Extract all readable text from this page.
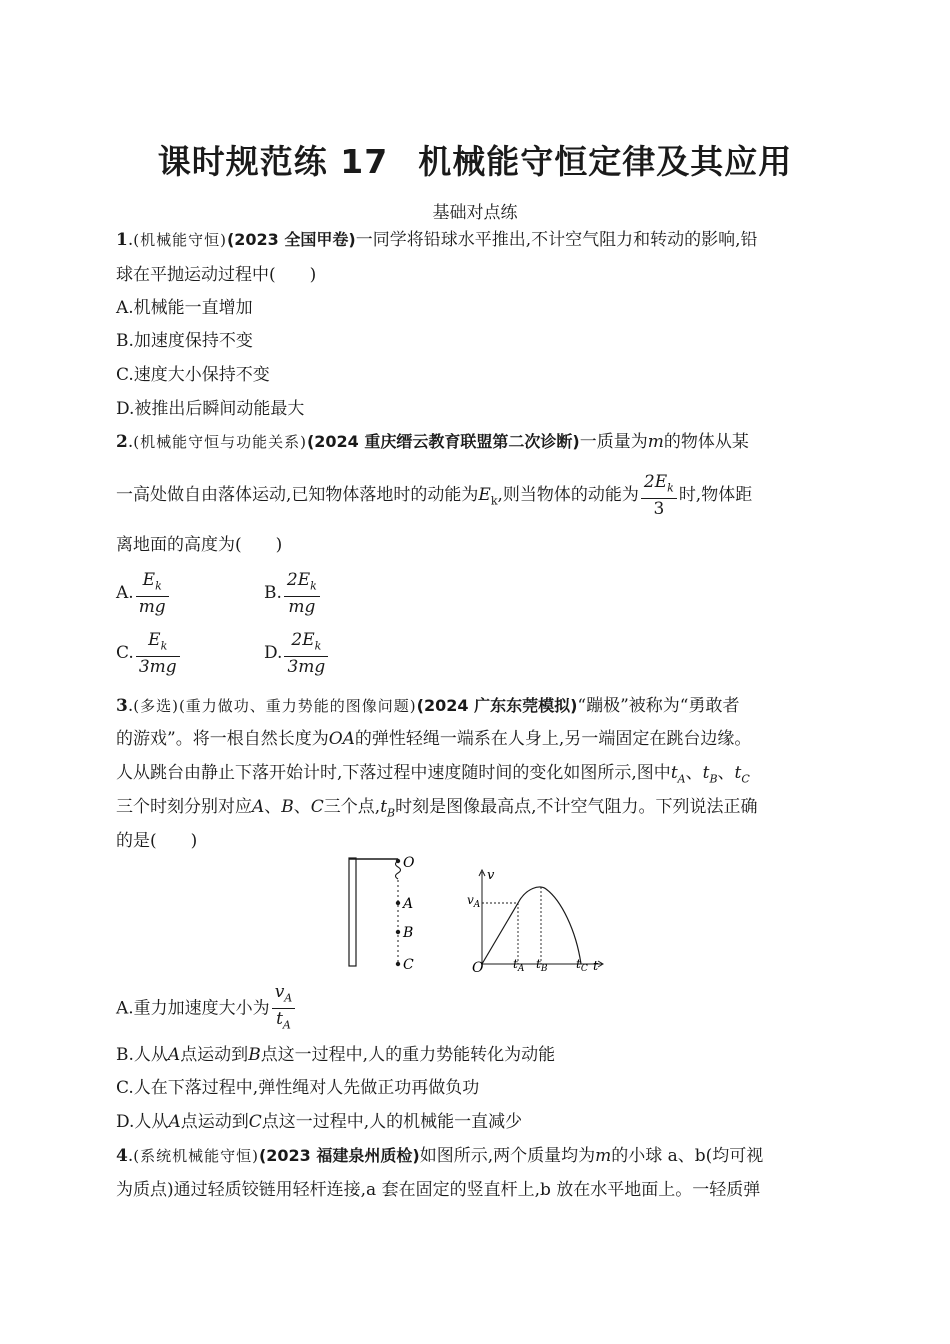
课时规范练 17 机械能守恒定律及其应用
基础对点练
1.(机械能守恒)(2023 全国甲卷)一同学将铅球水平推出,不计空气阻力和转动的影响,铅
球在平抛运动过程中(　　)
A.机械能一直增加
B.加速度保持不变
C.速度大小保持不变
D.被推出后瞬间动能最大
2.(机械能守恒与功能关系)(2024 重庆缙云教育联盟第二次诊断)一质量为m的物体从某
一高处做自由落体运动,已知物体落地时的动能为$E_k$,则当物体的动能为 $\frac{2E_k}{3}$ 时,物体距
离地面的高度为(　　)
A. $\frac{E_k}{mg}$	B. $\frac{2E_k}{mg}$
C. $\frac{E_k}{3mg}$	D. $\frac{2E_k}{3mg}$
3.(多选)(重力做功、重力势能的图像问题)(2024 广东东莞模拟)“蹦极”被称为“勇敢者
的游戏”。将一根自然长度为OA的弹性轻绳一端系在人身上,另一端固定在跳台边缘。
人从跳台由静止下落开始计时,下落过程中速度随时间的变化如图所示,图中$t_A$、$t_B$、$t_C$
三个时刻分别对应A、B、C三个点$,t_B$时刻是图像最高点,不计空气阻力。下列说法正确
的是(　　)
O
A
B
C	O
v
$v_A$
$t_A$ $t_B$ $t_C$ t
A.重力加速度大小为 $\frac{v_A}{t_A}$
B.人从A点运动到B点这一过程中,人的重力势能转化为动能
C.人在下落过程中,弹性绳对人先做正功再做负功
D.人从A点运动到C点这一过程中,人的机械能一直减少
4.(系统机械能守恒)(2023 福建泉州质检)如图所示,两个质量均为m的小球 a、b(均可视
为质点)通过轻质铰链用轻杆连接,a 套在固定的竖直杆上,b 放在水平地面上。一轻质弹
